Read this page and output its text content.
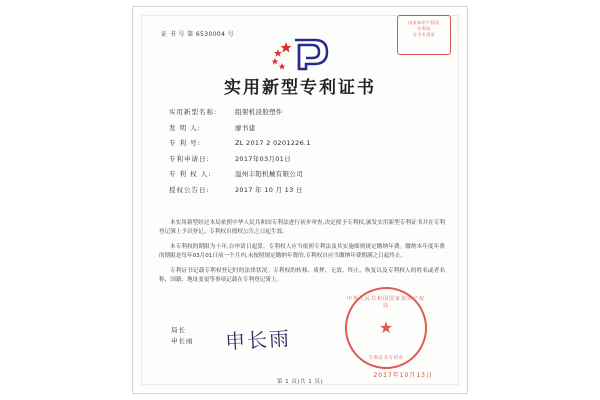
证 书 号 第 6530004 号
国家知识产权局
专利局
证书专用章
实用新型专利证书
实用新型名称:	组架机浸胶塑件
发 明 人:	廖书建
专 利 号:	ZL 2017 2 0201226.1
专利申请日:	2017年03月01日
专 利 权 人:	温州丰阳机械有限公司
授权公告日:	2017 年 10 月 13 日

本实用新型经过本局依照中华人民共和国专利法进行初步审查,决定授予专利权,颁发实用新型专利证书并在专利登记簿上予以登记。专利权自授权公告之日起生效。

本专利权的期限为十年,自申请日起算。专利权人应当依照专利法及其实施细则规定缴纳年费。缴纳本年度年费的期限是每年03月01日前一个月内,未按照规定缴纳年费的,专利权自应当缴纳年费期满之日起终止。

专利证书记载专利权登记时的法律状况。专利权的转移、质押、无效、终止、恢复以及专利权人的姓名或者名称、国籍、地址变更等事项记载在专利登记簿上。

局长
申长雨 申长雨
中华人民共和国国家知识产权局
★
专利证书专用章
2017年10月13日
第 1 页(共 1 页)
